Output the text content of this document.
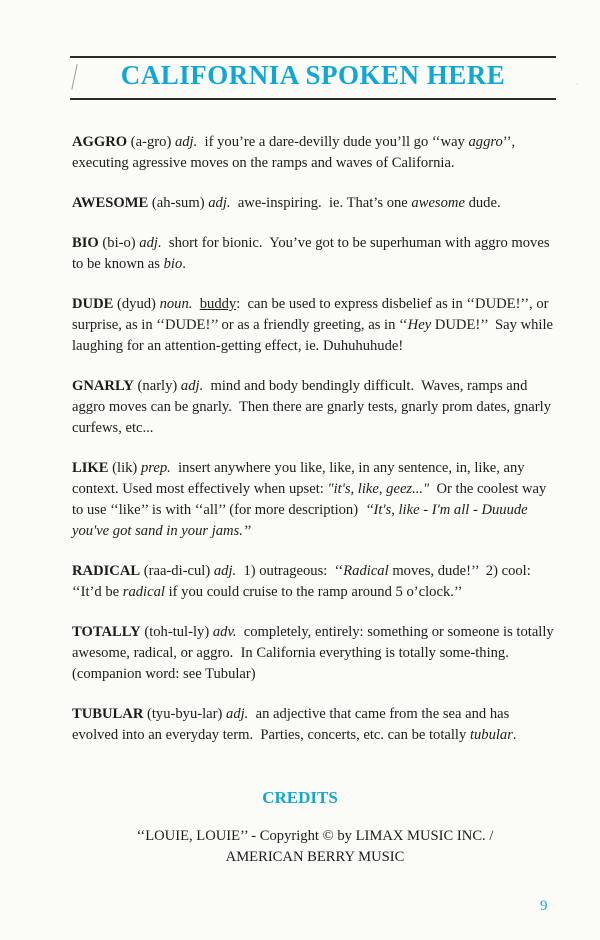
CALIFORNIA SPOKEN HERE	·

AGGRO (a-gro) adj.  if you’re a dare-devilly dude you’ll go ‘‘way aggro’’, executing agressive moves on the ramps and waves of California.

AWESOME (ah-sum) adj.  awe-inspiring.  ie. That’s one awesome dude.

BIO (bi-o) adj.  short for bionic.  You’ve got to be superhuman with aggro moves to be known as bio.

DUDE (dyud) noun. buddy:  can be used to express disbelief as in ‘‘DUDE!’’, or surprise, as in ‘‘DUDE!’’ or as a friendly greeting, as in ‘‘Hey DUDE!’’  Say while laughing for an attention-getting effect, ie. Duhuhuhude!

GNARLY (narly) adj.  mind and body bendingly difficult.  Waves, ramps and aggro moves can be gnarly.  Then there are gnarly tests, gnarly prom dates, gnarly curfews, etc...

LIKE (lik) prep.  insert anywhere you like, like, in any sentence, in, like, any context. Used most effectively when upset: "it's, like, geez..."  Or the coolest way to use ‘‘like’’ is with ‘‘all’’ (for more description)  ‘‘It's, like - I'm all - Duuude you've got sand in your jams.’’

RADICAL (raa-di-cul) adj.  1) outrageous:  ‘‘Radical moves, dude!’’  2) cool:  ‘‘It’d be radical if you could cruise to the ramp around 5 o’clock.’’

TOTALLY (toh-tul-ly) adv.  completely, entirely: something or someone is totally awesome, radical, or aggro.  In California everything is totally some-thing. (companion word: see Tubular)

TUBULAR (tyu-byu-lar) adj.  an adjective that came from the sea and has evolved into an everyday term.  Parties, concerts, etc. can be totally tubular.

CREDITS
‘‘LOUIE, LOUIE’’ - Copyright © by LIMAX MUSIC INC. /
AMERICAN BERRY MUSIC
9
